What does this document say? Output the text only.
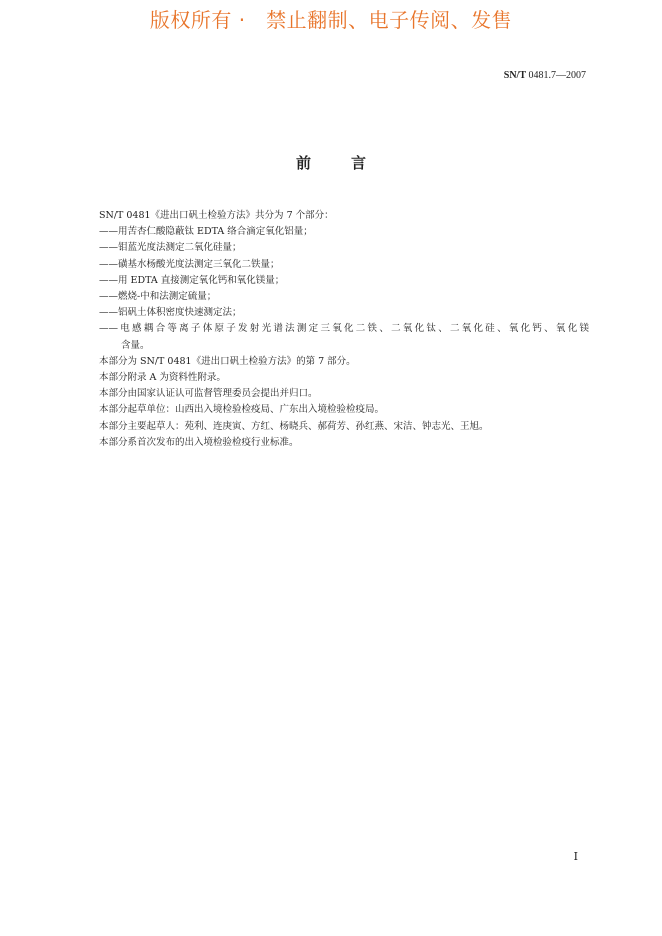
版权所有 ·   禁止翻制、电子传阅、发售
SN/T 0481.7—2007
前	言
SN/T 0481《进出口矾土检验方法》共分为 7 个部分：
——用苦杏仁酸隐蔽钛 EDTA 络合滴定氧化铝量；
——钼蓝光度法测定二氧化硅量；
——磺基水杨酸光度法测定三氧化二铁量；
——用 EDTA 直接测定氧化钙和氧化镁量；
——燃烧-中和法测定硫量；
——铝矾土体积密度快速测定法；
——电感耦合等离子体原子发射光谱法测定三氧化二铁、二氧化钛、二氧化硅、氧化钙、氧化镁
含量。
本部分为 SN/T 0481《进出口矾土检验方法》的第 7 部分。
本部分附录 A 为资料性附录。
本部分由国家认证认可监督管理委员会提出并归口。
本部分起草单位：山西出入境检验检疫局、广东出入境检验检疫局。
本部分主要起草人：苑利、连庚寅、方红、杨晓兵、郝荷芳、孙红燕、宋洁、钟志光、王旭。
本部分系首次发布的出入境检验检疫行业标准。
I
